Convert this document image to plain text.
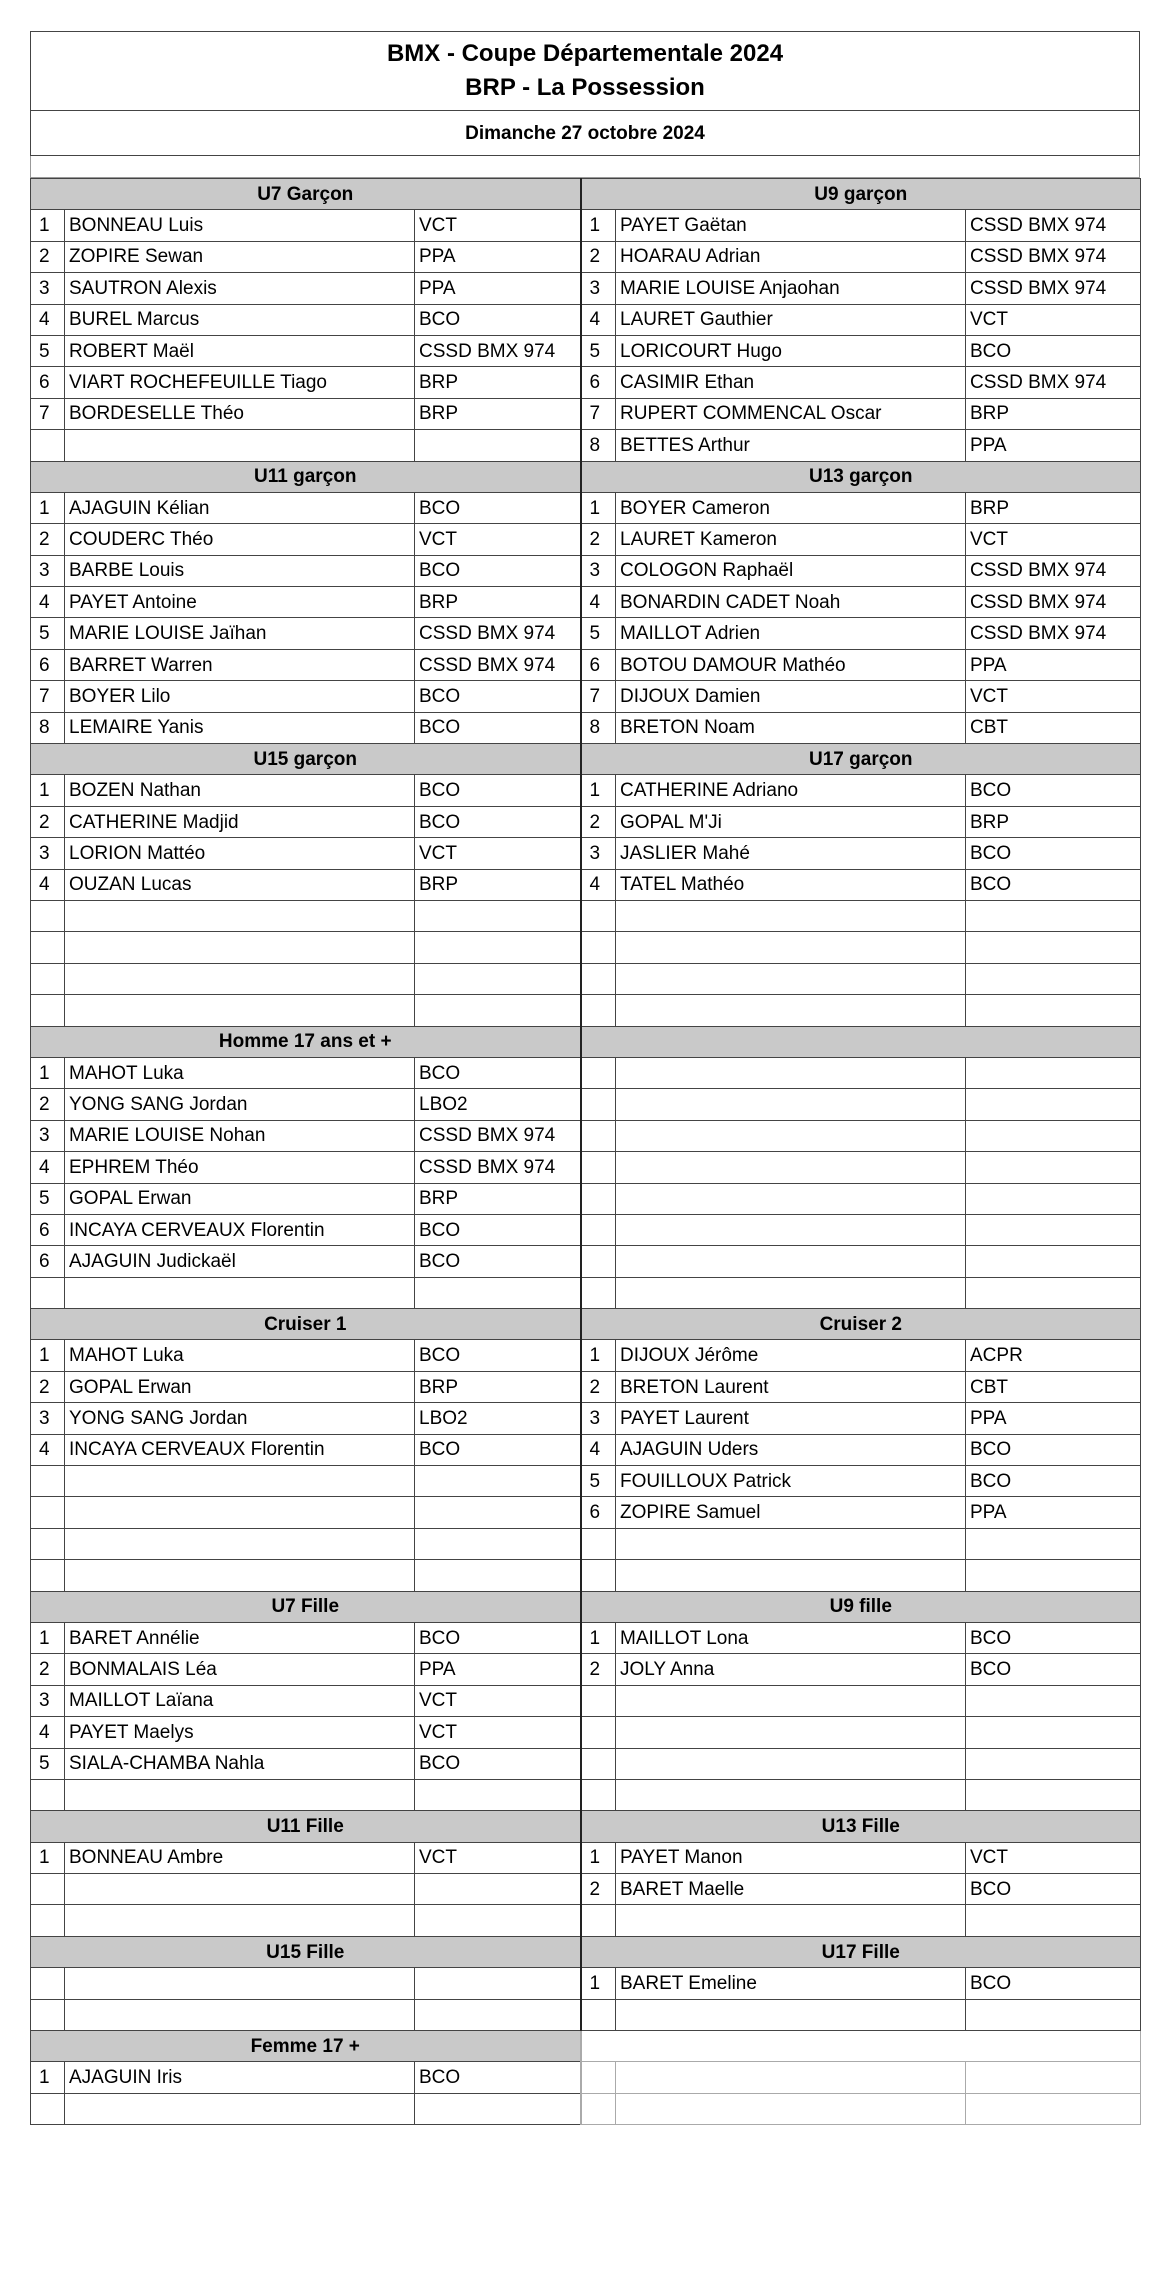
BMX - Coupe Départementale 2024
BRP - La Possession
Dimanche 27 octobre 2024
U7 Garçon			U9 garçon		
1	BONNEAU Luis	VCT	1	PAYET Gaëtan	CSSD BMX 974
2	ZOPIRE Sewan	PPA	2	HOARAU Adrian	CSSD BMX 974
3	SAUTRON Alexis	PPA	3	MARIE LOUISE Anjaohan	CSSD BMX 974
4	BUREL Marcus	BCO	4	LAURET Gauthier	VCT
5	ROBERT Maël	CSSD BMX 974	5	LORICOURT Hugo	BCO
6	VIART ROCHEFEUILLE Tiago	BRP	6	CASIMIR Ethan	CSSD BMX 974
7	BORDESELLE Théo	BRP	7	RUPERT COMMENCAL Oscar	BRP
			8	BETTES Arthur	PPA
U11 garçon			U13 garçon		
1	AJAGUIN Kélian	BCO	1	BOYER Cameron	BRP
2	COUDERC Théo	VCT	2	LAURET Kameron	VCT
3	BARBE Louis	BCO	3	COLOGON Raphaël	CSSD BMX 974
4	PAYET Antoine	BRP	4	BONARDIN CADET Noah	CSSD BMX 974
5	MARIE LOUISE Jaïhan	CSSD BMX 974	5	MAILLOT Adrien	CSSD BMX 974
6	BARRET Warren	CSSD BMX 974	6	BOTOU DAMOUR Mathéo	PPA
7	BOYER Lilo	BCO	7	DIJOUX Damien	VCT
8	LEMAIRE Yanis	BCO	8	BRETON Noam	CBT
U15 garçon			U17 garçon		
1	BOZEN Nathan	BCO	1	CATHERINE Adriano	BCO
2	CATHERINE Madjid	BCO	2	GOPAL M'Ji	BRP
3	LORION Mattéo	VCT	3	JASLIER Mahé	BCO
4	OUZAN Lucas	BRP	4	TATEL Mathéo	BCO

Homme 17 ans et +					
1	MAHOT Luka	BCO			
2	YONG SANG Jordan	LBO2			
3	MARIE LOUISE Nohan	CSSD BMX 974			
4	EPHREM Théo	CSSD BMX 974			
5	GOPAL Erwan	BRP			
6	INCAYA CERVEAUX Florentin	BCO			
6	AJAGUIN Judickaël	BCO			

Cruiser 1			Cruiser 2		
1	MAHOT Luka	BCO	1	DIJOUX Jérôme	ACPR
2	GOPAL Erwan	BRP	2	BRETON Laurent	CBT
3	YONG SANG Jordan	LBO2	3	PAYET Laurent	PPA
4	INCAYA CERVEAUX Florentin	BCO	4	AJAGUIN Uders	BCO
			5	FOUILLOUX Patrick	BCO
			6	ZOPIRE Samuel	PPA

U7 Fille			U9 fille		
1	BARET Annélie	BCO	1	MAILLOT Lona	BCO
2	BONMALAIS Léa	PPA	2	JOLY Anna	BCO
3	MAILLOT Laïana	VCT			
4	PAYET Maelys	VCT			
5	SIALA-CHAMBA Nahla	BCO			

U11 Fille			U13 Fille		
1	BONNEAU Ambre	VCT	1	PAYET Manon	VCT
			2	BARET Maelle	BCO

U15 Fille			U17 Fille		
			1	BARET Emeline	BCO

Femme 17 +					
1	AJAGUIN Iris	BCO			
